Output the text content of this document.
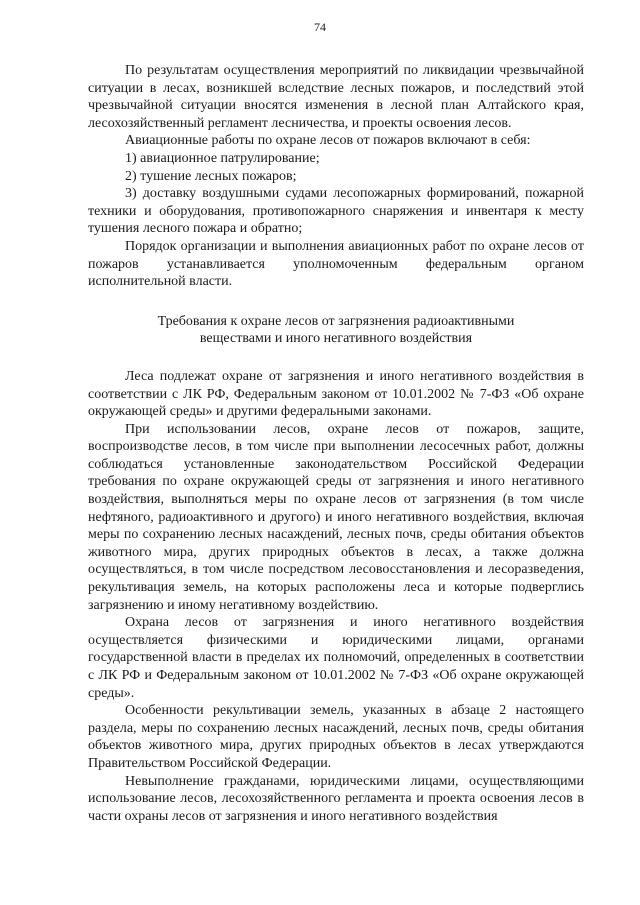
74

По результатам осуществления мероприятий по ликвидации чрезвычайной ситуации в лесах, возникшей вследствие лесных пожаров, и последствий этой чрезвычайной ситуации вносятся изменения в лесной план Алтайского края, лесохозяйственный регламент лесничества, и проекты освоения лесов.

Авиационные работы по охране лесов от пожаров включают в себя:

1) авиационное патрулирование;

2) тушение лесных пожаров;

3) доставку воздушными судами лесопожарных формирований, пожарной техники и оборудования, противопожарного снаряжения и инвентаря к месту тушения лесного пожара и обратно;

Порядок организации и выполнения авиационных работ по охране лесов от пожаров устанавливается уполномоченным федеральным органом исполнительной власти.

Требования к охране лесов от загрязнения радиоактивными
веществами и иного негативного воздействия

Леса подлежат охране от загрязнения и иного негативного воздействия в соответствии с ЛК РФ, Федеральным законом от 10.01.2002 № 7-ФЗ «Об охране окружающей среды» и другими федеральными законами.

При использовании лесов, охране лесов от пожаров, защите, воспроизводстве лесов, в том числе при выполнении лесосечных работ, должны соблюдаться установленные законодательством Российской Федерации требования по охране окружающей среды от загрязнения и иного негативного воздействия, выполняться меры по охране лесов от загрязнения (в том числе нефтяного, радиоактивного и другого) и иного негативного воздействия, включая меры по сохранению лесных насаждений, лесных почв, среды обитания объектов животного мира, других природных объектов в лесах, а также должна осуществляться, в том числе посредством лесовосстановления и лесоразведения, рекультивация земель, на которых расположены леса и которые подверглись загрязнению и иному негативному воздействию.

Охрана лесов от загрязнения и иного негативного воздействия осуществляется физическими и юридическими лицами, органами государственной власти в пределах их полномочий, определенных в соответствии с ЛК РФ и Федеральным законом от 10.01.2002 № 7-ФЗ «Об охране окружающей среды».

Особенности рекультивации земель, указанных в абзаце 2 настоящего раздела, меры по сохранению лесных насаждений, лесных почв, среды обитания объектов животного мира, других природных объектов в лесах утверждаются Правительством Российской Федерации.

Невыполнение гражданами, юридическими лицами, осуществляющими использование лесов, лесохозяйственного регламента и проекта освоения лесов в части охраны лесов от загрязнения и иного негативного воздействия
